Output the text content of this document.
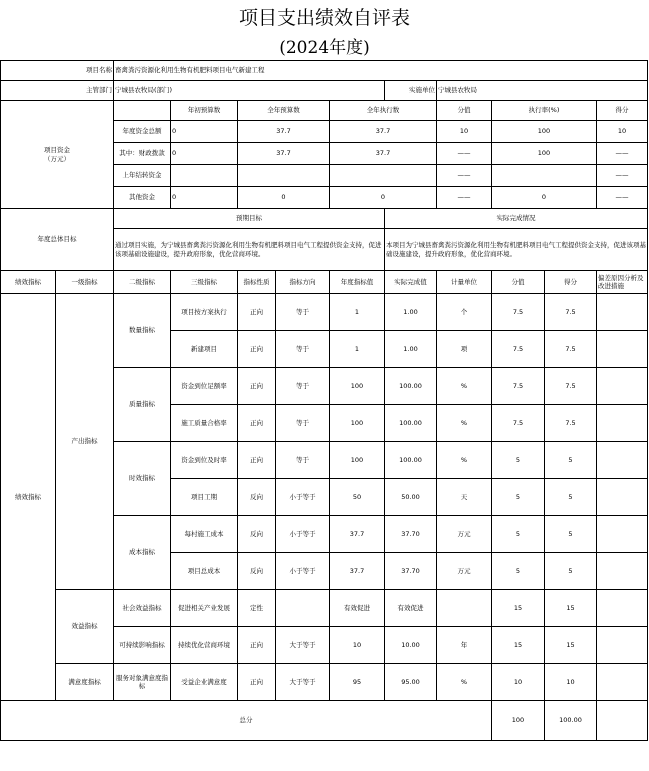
项目支出绩效自评表
(2024年度)
项目名称		畜禽粪污资源化利用生物有机肥料项目电气新建工程									
主管部门		宁城县农牧局(部门)					实施单位	宁城县农牧局			
项目资金
（万元）			年初预算数	全年预算数		全年执行数		分值	执行率(%)		得分
		年度资金总额	0	37.7		37.7		10	100		10
		其中：财政拨款	0	37.7		37.7		——	100		——
		上年结转资金						——			——
		其他资金	0	0		0		——	0		——
年度总体目标		预期目标					实际完成情况				
		通过项目实施，为宁城县畜禽粪污资源化利用生物有机肥料项目电气工程提供资金支持，促进该项基础设施建设，提升政府形象，优化营商环境。					本项目为宁城县畜禽粪污资源化利用生物有机肥料项目电气工程提供资金支持，促进该项基础设施建设，提升政府形象，优化营商环境。				
绩效指标	一级指标	二级指标	三级指标	指标性质	指标方向	年度指标值	实际完成值	计量单位	分值	得分	偏差原因分析及改进措施
绩效指标	产出指标	数量指标	项目按方案执行	正向	等于	1	1.00	个	7.5	7.5	
			新建项目	正向	等于	1	1.00	项	7.5	7.5	
		质量指标	资金到位足额率	正向	等于	100	100.00	%	7.5	7.5	
			施工质量合格率	正向	等于	100	100.00	%	7.5	7.5	
		时效指标	资金到位及时率	正向	等于	100	100.00	%	5	5	
			项目工期	反向	小于等于	50	50.00	天	5	5	
		成本指标	每村施工成本	反向	小于等于	37.7	37.70	万元	5	5	
			项目总成本	反向	小于等于	37.7	37.70	万元	5	5	
	效益指标	社会效益指标	促进相关产业发展	定性		有效促进	有效促进		15	15	
		可持续影响指标	持续优化营商环境	正向	大于等于	10	10.00	年	15	15	
	满意度指标	服务对象满意度指标	受益企业满意度	正向	大于等于	95	95.00	%	10	10	
总分									100	100.00	
